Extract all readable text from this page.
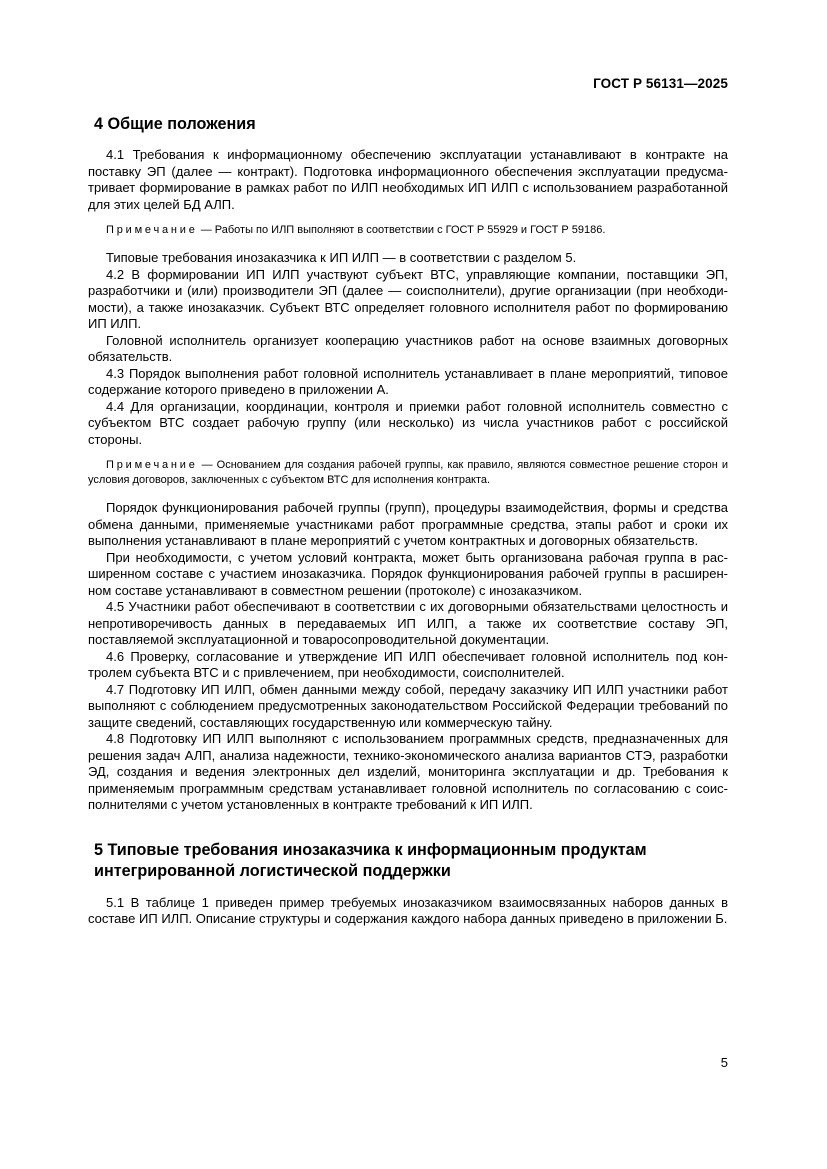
ГОСТ Р 56131—2025
4 Общие положения

4.1 Требования к информационному обеспечению эксплуатации устанавливают в контракте на поставку ЭП (далее — контракт). Подготовка информационного обеспечения эксплуатации предусматривает формирование в рамках работ по ИЛП необходимых ИП ИЛП с использованием разработанной для этих целей БД АЛП.

Примечание — Работы по ИЛП выполняют в соответствии с ГОСТ Р 55929 и ГОСТ Р 59186.

Типовые требования инозаказчика к ИП ИЛП — в соответствии с разделом 5.

4.2 В формировании ИП ИЛП участвуют субъект ВТС, управляющие компании, поставщики ЭП, разработчики и (или) производители ЭП (далее — соисполнители), другие организации (при необходимости), а также инозаказчик. Субъект ВТС определяет головного исполнителя работ по формированию ИП ИЛП.

Головной исполнитель организует кооперацию участников работ на основе взаимных договорных обязательств.

4.3 Порядок выполнения работ головной исполнитель устанавливает в плане мероприятий, типовое содержание которого приведено в приложении А.

4.4 Для организации, координации, контроля и приемки работ головной исполнитель совместно с субъектом ВТС создает рабочую группу (или несколько) из числа участников работ с российской стороны.

Примечание — Основанием для создания рабочей группы, как правило, являются совместное решение сторон и условия договоров, заключенных с субъектом ВТС для исполнения контракта.

Порядок функционирования рабочей группы (групп), процедуры взаимодействия, формы и средства обмена данными, применяемые участниками работ программные средства, этапы работ и сроки их выполнения устанавливают в плане мероприятий с учетом контрактных и договорных обязательств.

При необходимости, с учетом условий контракта, может быть организована рабочая группа в расширенном составе с участием инозаказчика. Порядок функционирования рабочей группы в расширенном составе устанавливают в совместном решении (протоколе) с инозаказчиком.

4.5 Участники работ обеспечивают в соответствии с их договорными обязательствами целостность и непротиворечивость данных в передаваемых ИП ИЛП, а также их соответствие составу ЭП, поставляемой эксплуатационной и товаросопроводительной документации.

4.6 Проверку, согласование и утверждение ИП ИЛП обеспечивает головной исполнитель под контролем субъекта ВТС и с привлечением, при необходимости, соисполнителей.

4.7 Подготовку ИП ИЛП, обмен данными между собой, передачу заказчику ИП ИЛП участники работ выполняют с соблюдением предусмотренных законодательством Российской Федерации требований по защите сведений, составляющих государственную или коммерческую тайну.

4.8 Подготовку ИП ИЛП выполняют с использованием программных средств, предназначенных для решения задач АЛП, анализа надежности, технико-экономического анализа вариантов СТЭ, разработки ЭД, создания и ведения электронных дел изделий, мониторинга эксплуатации и др. Требования к применяемым программным средствам устанавливает головной исполнитель по согласованию с соисполнителями с учетом установленных в контракте требований к ИП ИЛП.

5 Типовые требования инозаказчика к информационным продуктам
интегрированной логистической поддержки

5.1 В таблице 1 приведен пример требуемых инозаказчиком взаимосвязанных наборов данных в составе ИП ИЛП. Описание структуры и содержания каждого набора данных приведено в приложении Б.

5
